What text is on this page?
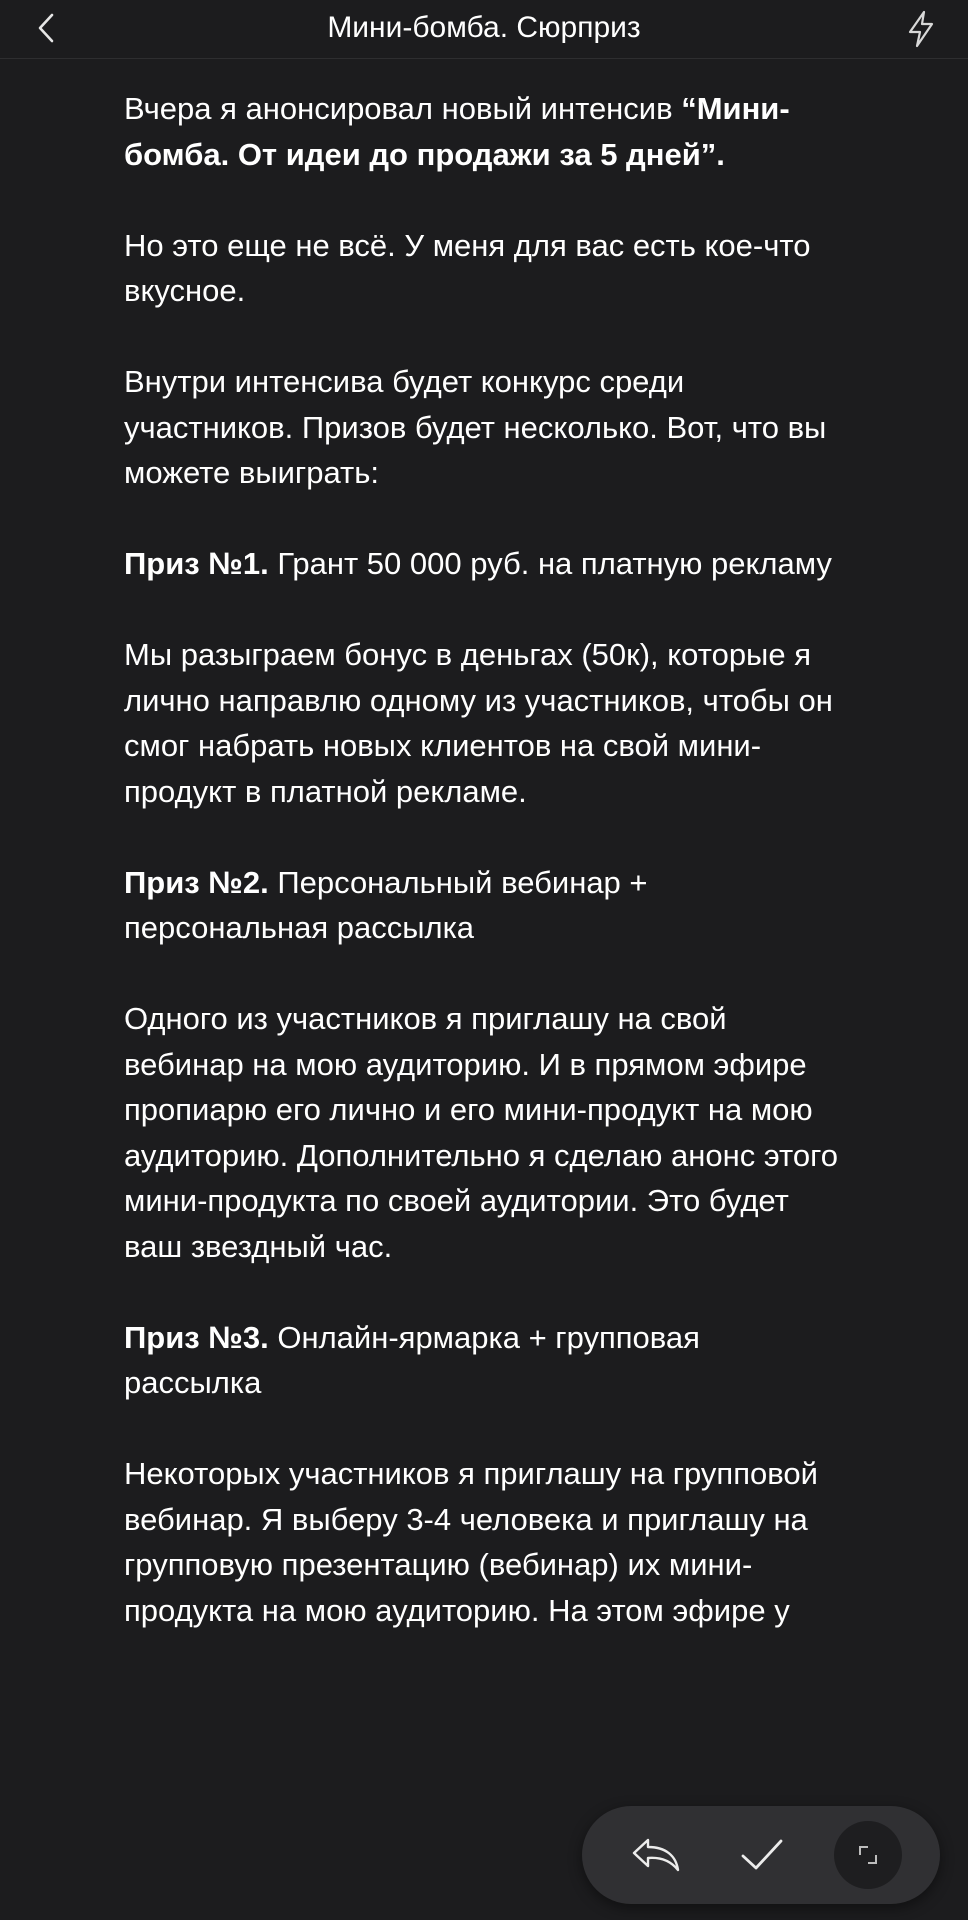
Мини-бомба. Сюрприз

Вчера я анонсировал новый интенсив “Мини-бомба. От идеи до продажи за 5 дней”.

Но это еще не всё. У меня для вас есть кое-что вкусное.

Внутри интенсива будет конкурс среди участников. Призов будет несколько. Вот, что вы можете выиграть:

Приз №1. Грант 50 000 руб. на платную рекламу

Мы разыграем бонус в деньгах (50к), которые я лично направлю одному из участников, чтобы он смог набрать новых клиентов на свой мини-продукт в платной рекламе.

Приз №2. Персональный вебинар + персональная рассылка

Одного из участников я приглашу на свой вебинар на мою аудиторию. И в прямом эфире пропиарю его лично и его мини-продукт на мою аудиторию. Дополнительно я сделаю анонс этого мини-продукта по своей аудитории. Это будет ваш звездный час.

Приз №3. Онлайн-ярмарка + групповая рассылка

Некоторых участников я приглашу на групповой вебинар. Я выберу 3-4 человека и приглашу на групповую презентацию (вебинар) их мини-продукта на мою аудиторию. На этом эфире у
